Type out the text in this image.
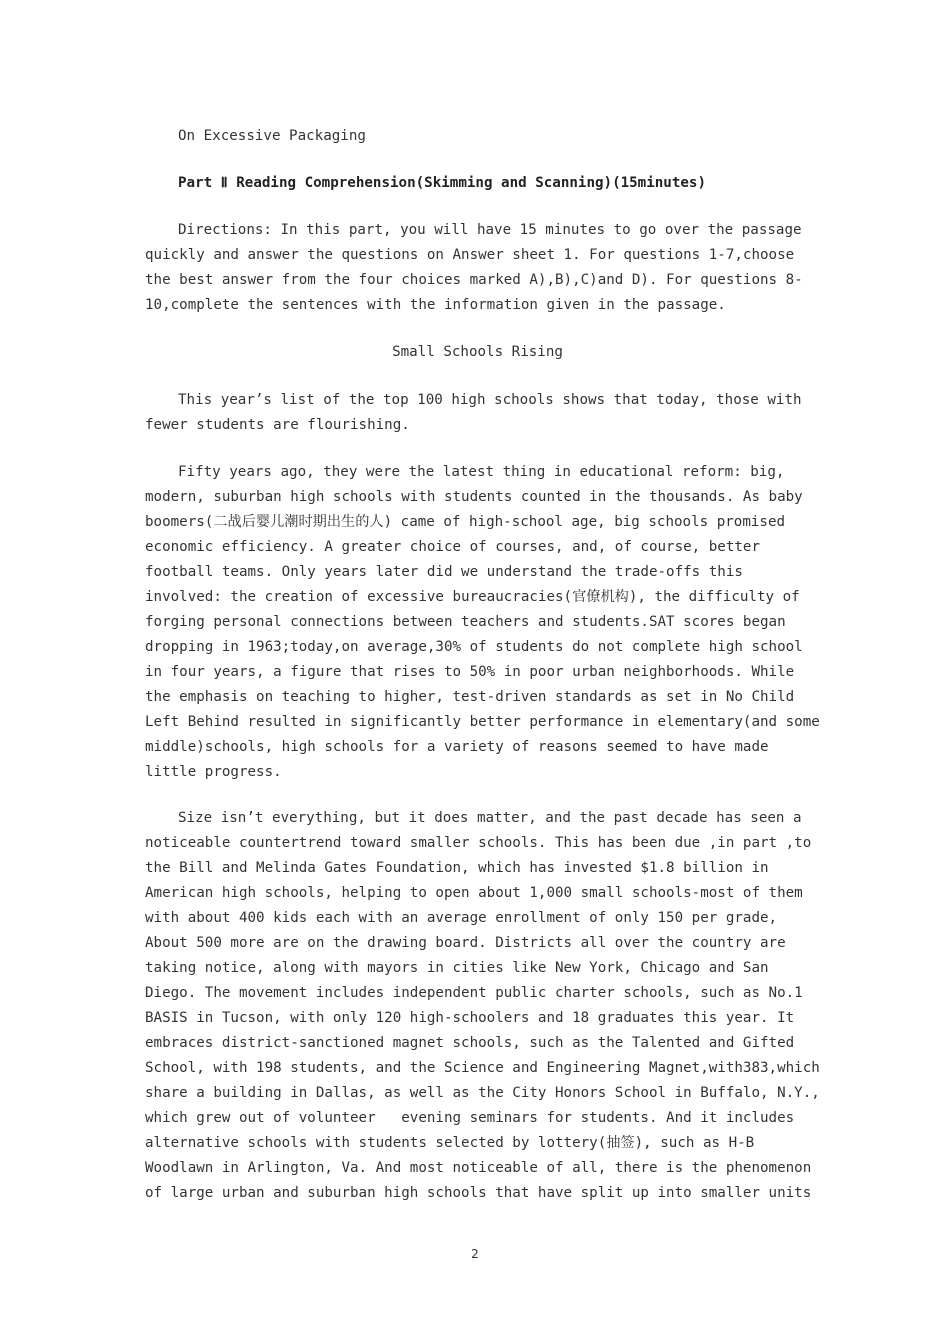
On Excessive Packaging
Part Ⅱ Reading Comprehension(Skimming and Scanning)(15minutes)
Directions: In this part, you will have 15 minutes to go over the passage
quickly and answer the questions on Answer sheet 1. For questions 1-7,choose
the best answer from the four choices marked A),B),C)and D). For questions 8-
10,complete the sentences with the information given in the passage.
Small Schools Rising
This year’s list of the top 100 high schools shows that today, those with
fewer students are flourishing.
Fifty years ago, they were the latest thing in educational reform: big,
modern, suburban high schools with students counted in the thousands. As baby
boomers(二战后婴儿潮时期出生的人) came of high-school age, big schools promised
economic efficiency. A greater choice of courses, and, of course, better
football teams. Only years later did we understand the trade-offs this
involved: the creation of excessive bureaucracies(官僚机构), the difficulty of
forging personal connections between teachers and students.SAT scores began
dropping in 1963;today,on average,30% of students do not complete high school
in four years, a figure that rises to 50% in poor urban neighborhoods. While
the emphasis on teaching to higher, test-driven standards as set in No Child
Left Behind resulted in significantly better performance in elementary(and some
middle)schools, high schools for a variety of reasons seemed to have made
little progress.
Size isn’t everything, but it does matter, and the past decade has seen a
noticeable countertrend toward smaller schools. This has been due ,in part ,to
the Bill and Melinda Gates Foundation, which has invested $1.8 billion in
American high schools, helping to open about 1,000 small schools-most of them
with about 400 kids each with an average enrollment of only 150 per grade,
About 500 more are on the drawing board. Districts all over the country are
taking notice, along with mayors in cities like New York, Chicago and San
Diego. The movement includes independent public charter schools, such as No.1
BASIS in Tucson, with only 120 high-schoolers and 18 graduates this year. It
embraces district-sanctioned magnet schools, such as the Talented and Gifted
School, with 198 students, and the Science and Engineering Magnet,with383,which
share a building in Dallas, as well as the City Honors School in Buffalo, N.Y.,
which grew out of volunteer   evening seminars for students. And it includes
alternative schools with students selected by lottery(抽签), such as H-B
Woodlawn in Arlington, Va. And most noticeable of all, there is the phenomenon
of large urban and suburban high schools that have split up into smaller units
2
